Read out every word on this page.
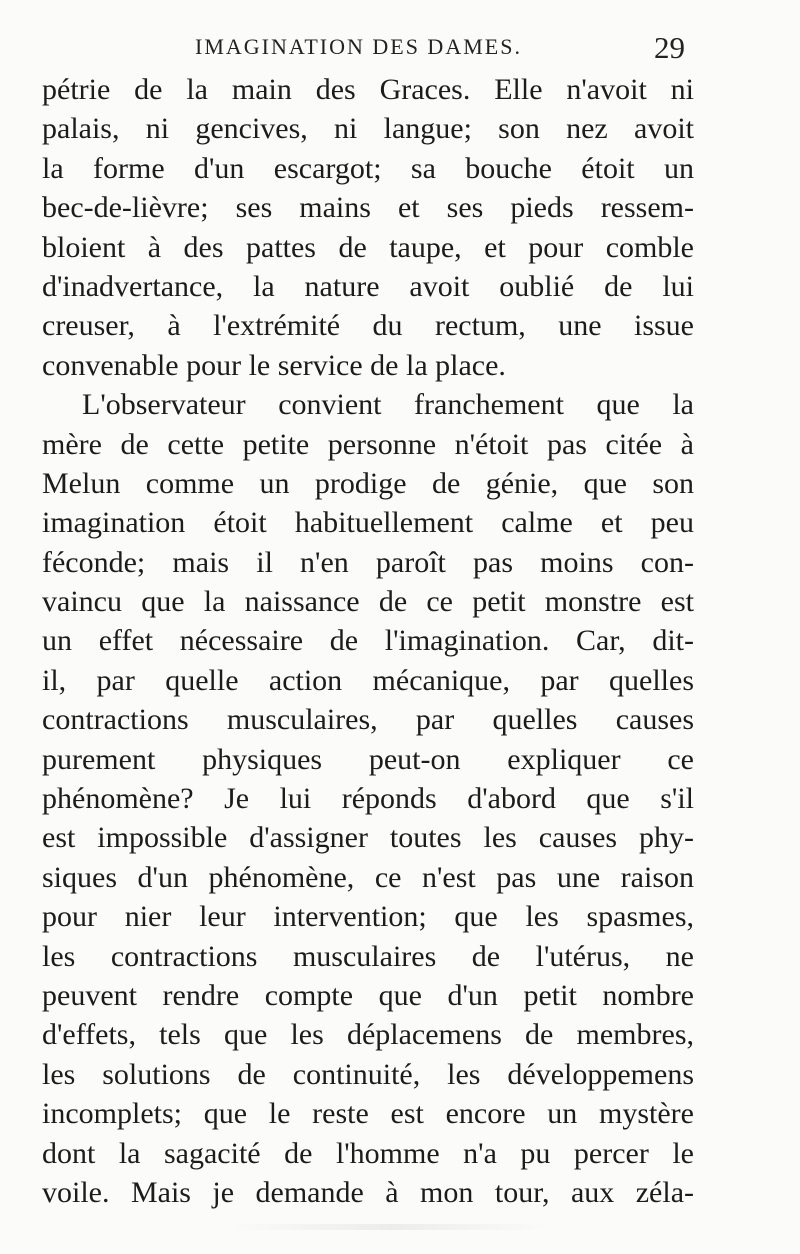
IMAGINATION DES DAMES.	29
pétrie de la main des Graces. Elle n'avoit ni
palais, ni gencives, ni langue; son nez avoit
la forme d'un escargot; sa bouche étoit un
bec-de-lièvre; ses mains et ses pieds ressem-
bloient à des pattes de taupe, et pour comble
d'inadvertance, la nature avoit oublié de lui
creuser, à l'extrémité du rectum, une issue
convenable pour le service de la place.
L'observateur convient franchement que la
mère de cette petite personne n'étoit pas citée à
Melun comme un prodige de génie, que son
imagination étoit habituellement calme et peu
féconde; mais il n'en paroît pas moins con-
vaincu que la naissance de ce petit monstre est
un effet nécessaire de l'imagination. Car, dit-
il, par quelle action mécanique, par quelles
contractions musculaires, par quelles causes
purement physiques peut-on expliquer ce
phénomène? Je lui réponds d'abord que s'il
est impossible d'assigner toutes les causes phy-
siques d'un phénomène, ce n'est pas une raison
pour nier leur intervention; que les spasmes,
les contractions musculaires de l'utérus, ne
peuvent rendre compte que d'un petit nombre
d'effets, tels que les déplacemens de membres,
les solutions de continuité, les développemens
incomplets; que le reste est encore un mystère
dont la sagacité de l'homme n'a pu percer le
voile. Mais je demande à mon tour, aux zéla-
